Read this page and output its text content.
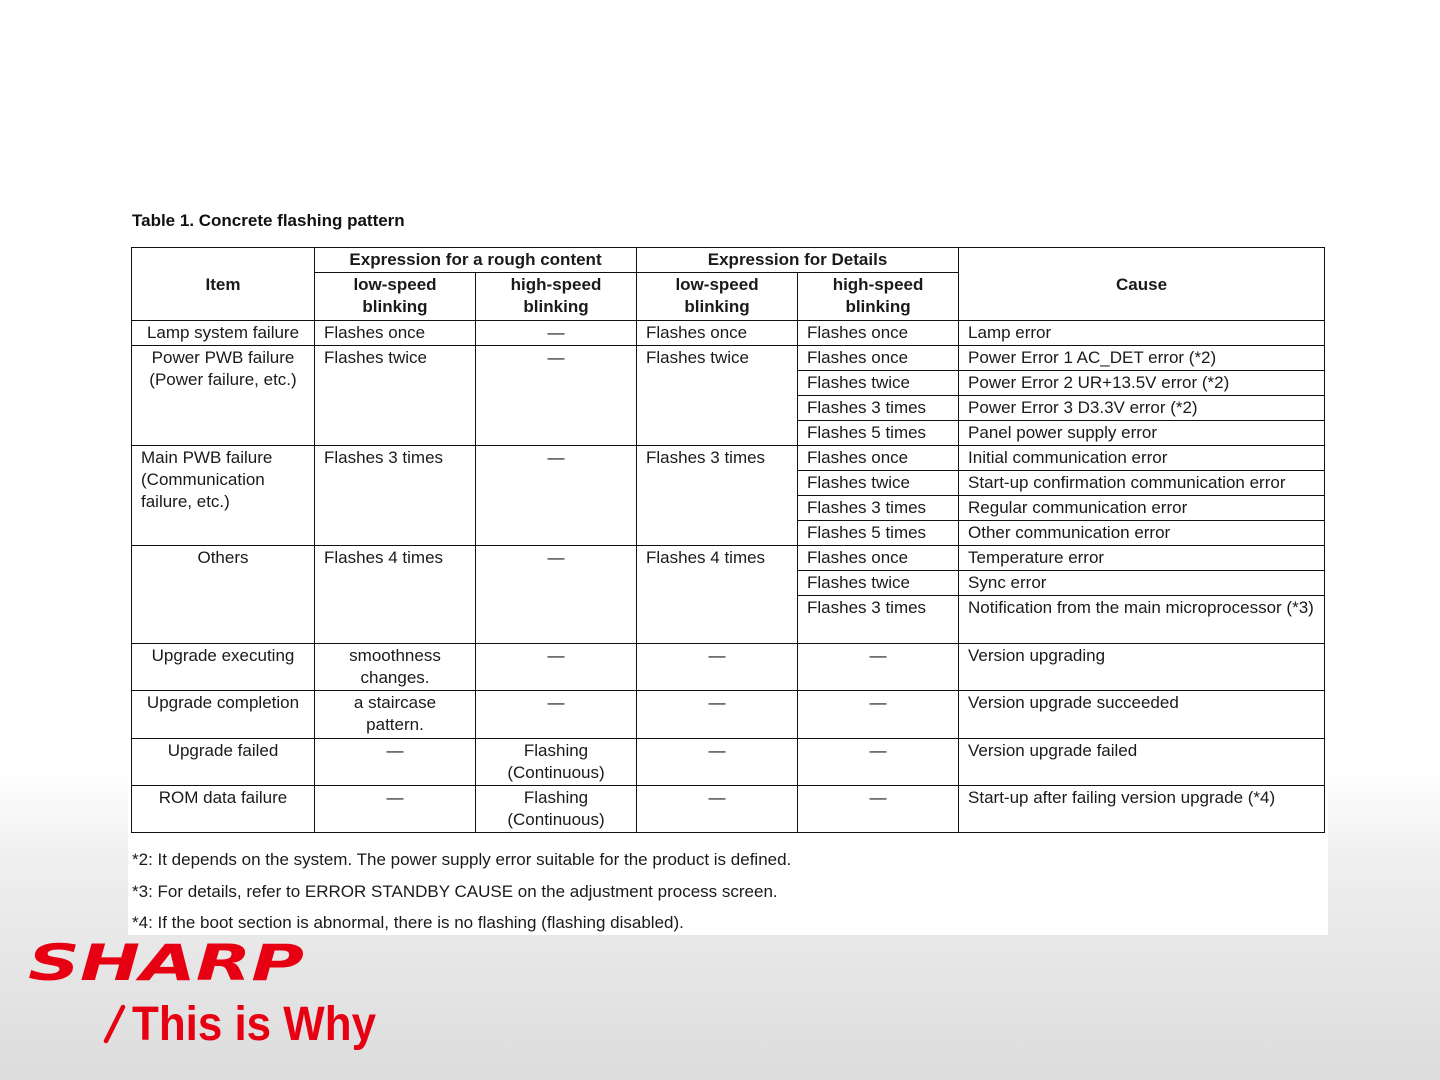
Table 1. Concrete flashing pattern
Item	Expression for a rough content		Expression for Details		Cause
	low-speed blinking	high-speed blinking	low-speed blinking	high-speed blinking	
Lamp system failure	Flashes once	—	Flashes once	Flashes once	Lamp error
Power PWB failure (Power failure, etc.)	Flashes twice	—	Flashes twice	Flashes once	Power Error 1 AC_DET error (*2)
				Flashes twice	Power Error 2 UR+13.5V error (*2)
				Flashes 3 times	Power Error 3 D3.3V error (*2)
				Flashes 5 times	Panel power supply error
Main PWB failure (Communication failure, etc.)	Flashes 3 times	—	Flashes 3 times	Flashes once	Initial communication error
				Flashes twice	Start-up confirmation communication error
				Flashes 3 times	Regular communication error
				Flashes 5 times	Other communication error
Others	Flashes 4 times	—	Flashes 4 times	Flashes once	Temperature error
				Flashes twice	Sync error
				Flashes 3 times	Notification from the main microprocessor (*3)
Upgrade executing	smoothness changes.	—	—	—	Version upgrading
Upgrade completion	a staircase pattern.	—	—	—	Version upgrade succeeded
Upgrade failed	—	Flashing (Continuous)	—	—	Version upgrade failed
ROM data failure	—	Flashing (Continuous)	—	—	Start-up after failing version upgrade (*4)
*2: It depends on the system. The power supply error suitable for the product is defined.
*3: For details, refer to ERROR STANDBY CAUSE on the adjustment process screen.
*4: If the boot section is abnormal, there is no flashing (flashing disabled).
SHARP
This is Why
